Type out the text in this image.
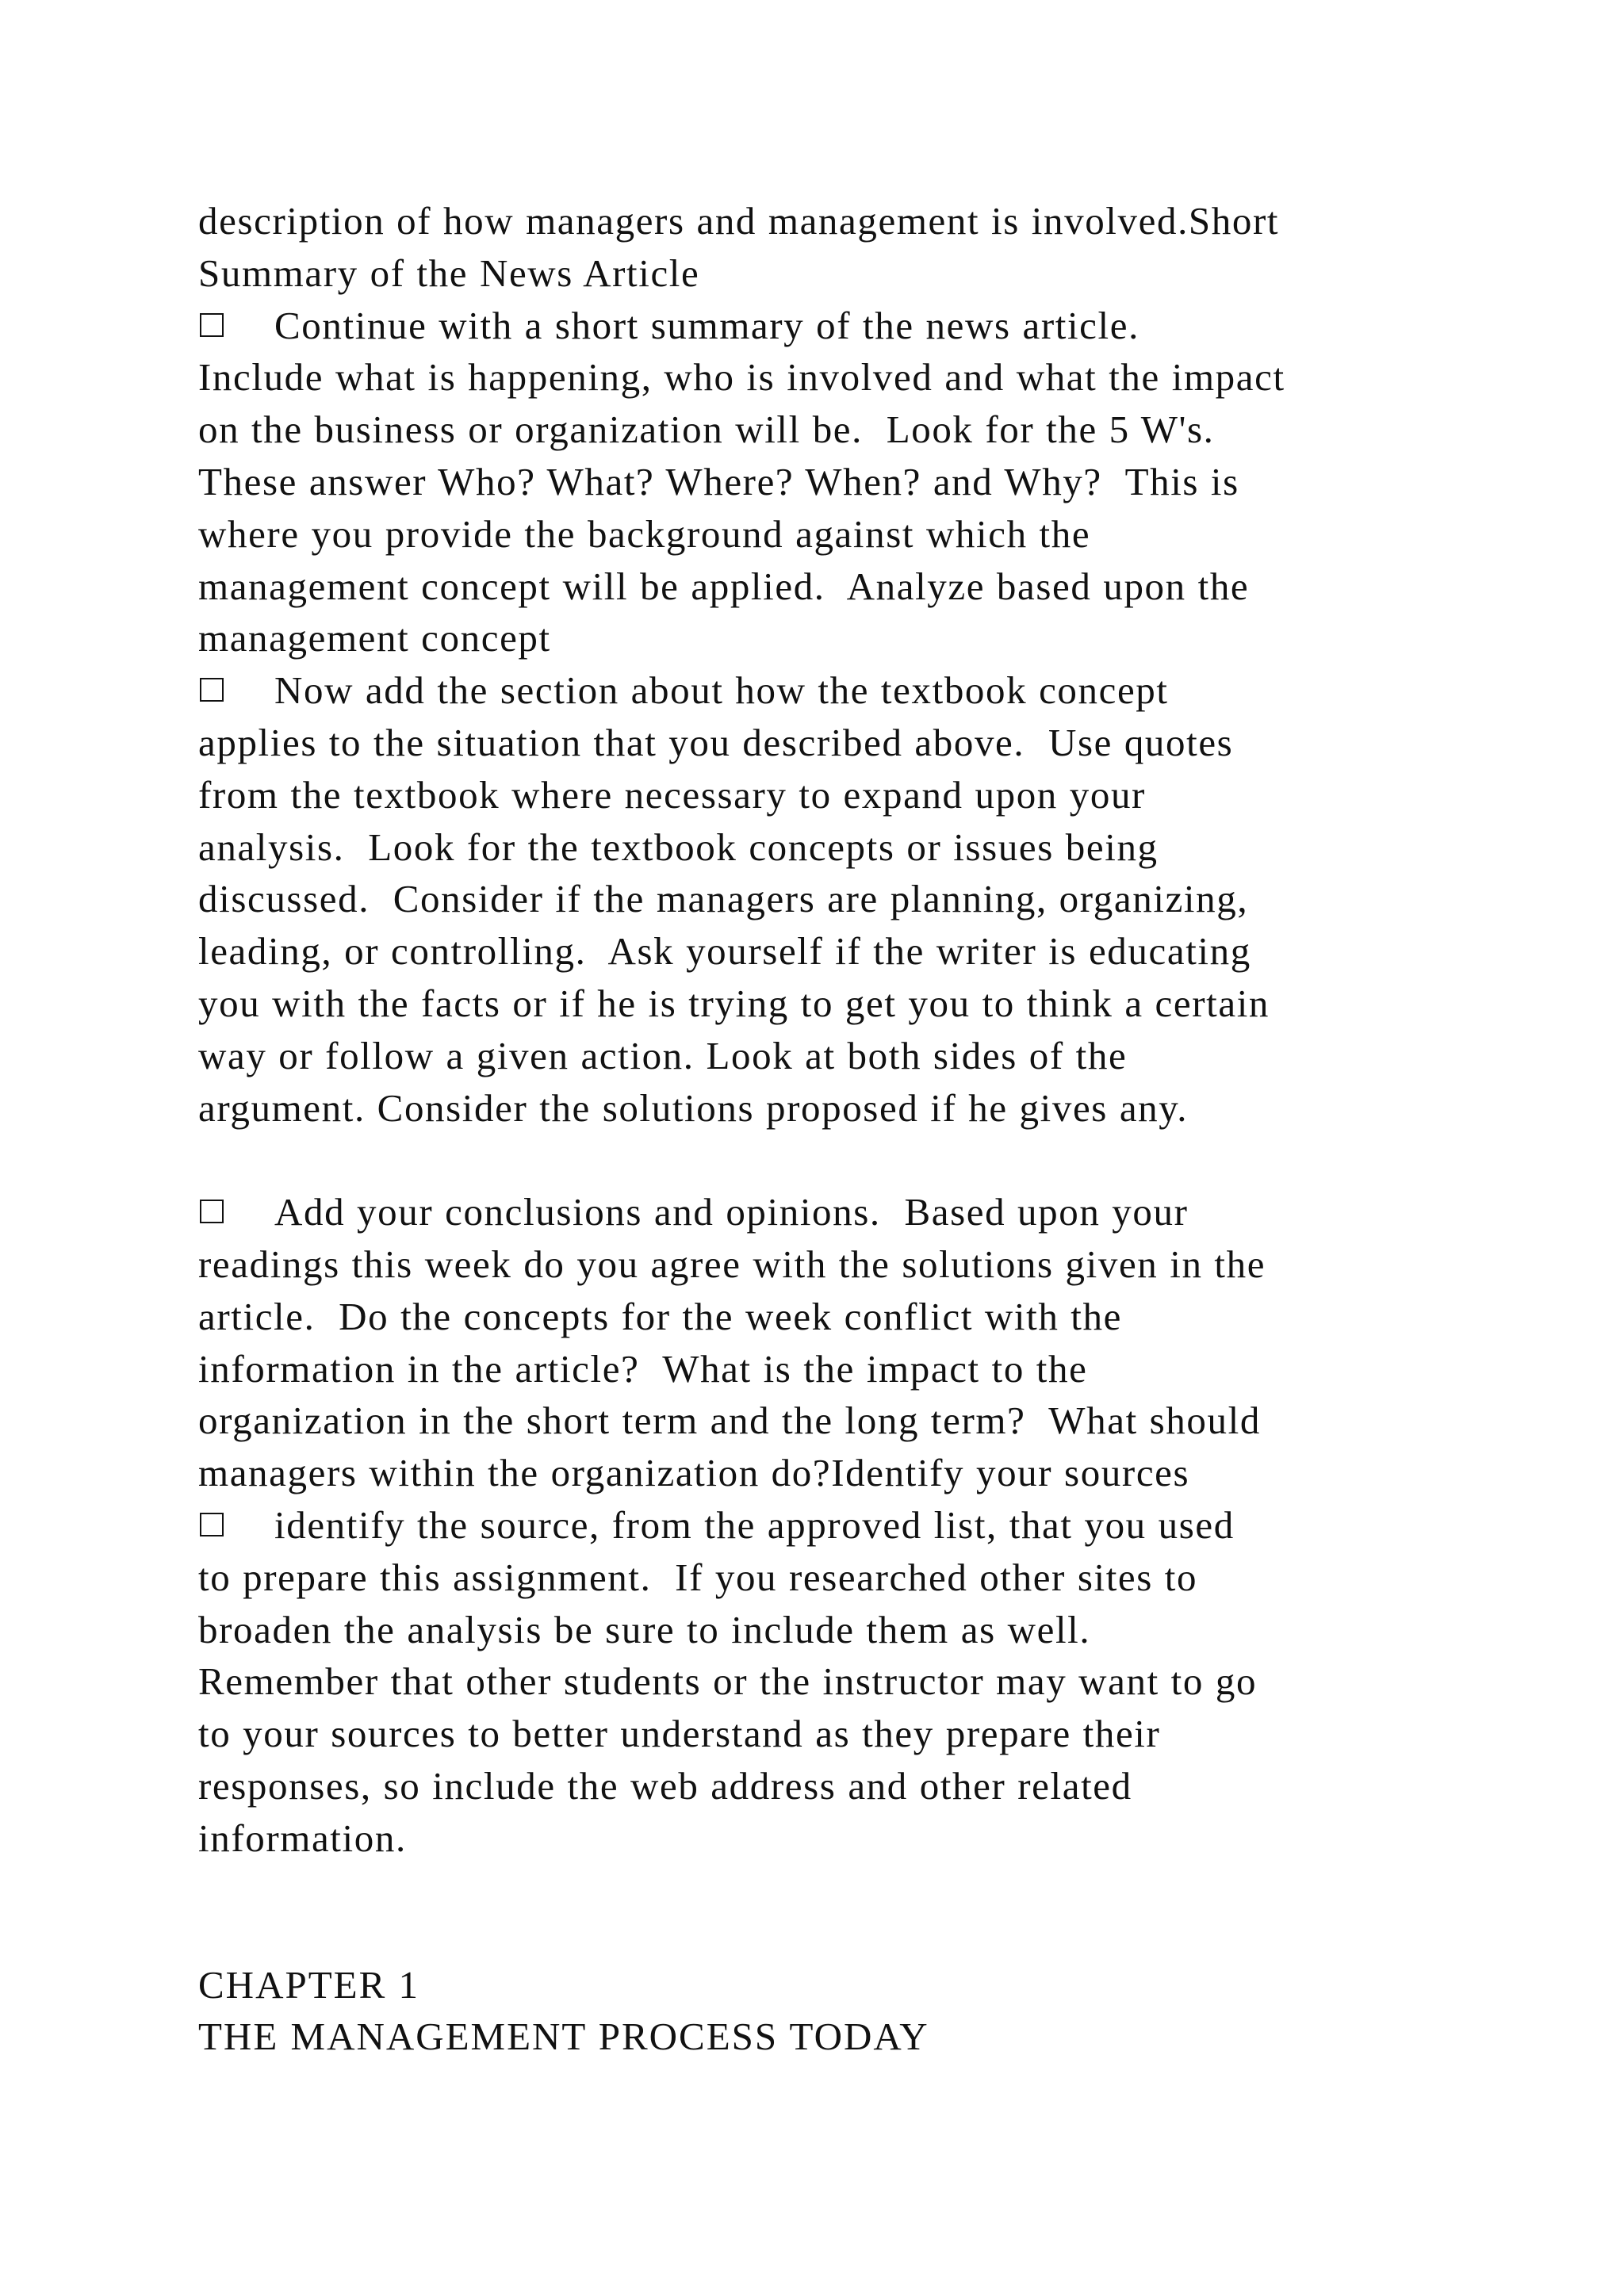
description of how managers and management is involved.Short
Summary of the News Article
Continue with a short summary of the news article.
Include what is happening, who is involved and what the impact
on the business or organization will be.  Look for the 5 W's.
These answer Who? What? Where? When? and Why?  This is
where you provide the background against which the
management concept will be applied.  Analyze based upon the
management concept
Now add the section about how the textbook concept
applies to the situation that you described above.  Use quotes
from the textbook where necessary to expand upon your
analysis.  Look for the textbook concepts or issues being
discussed.  Consider if the managers are planning, organizing,
leading, or controlling.  Ask yourself if the writer is educating
you with the facts or if he is trying to get you to think a certain
way or follow a given action. Look at both sides of the
argument. Consider the solutions proposed if he gives any.
Add your conclusions and opinions.  Based upon your
readings this week do you agree with the solutions given in the
article.  Do the concepts for the week conflict with the
information in the article?  What is the impact to the
organization in the short term and the long term?  What should
managers within the organization do?Identify your sources
identify the source, from the approved list, that you used
to prepare this assignment.  If you researched other sites to
broaden the analysis be sure to include them as well.
Remember that other students or the instructor may want to go
to your sources to better understand as they prepare their
responses, so include the web address and other related
information.
CHAPTER 1
THE MANAGEMENT PROCESS TODAY
